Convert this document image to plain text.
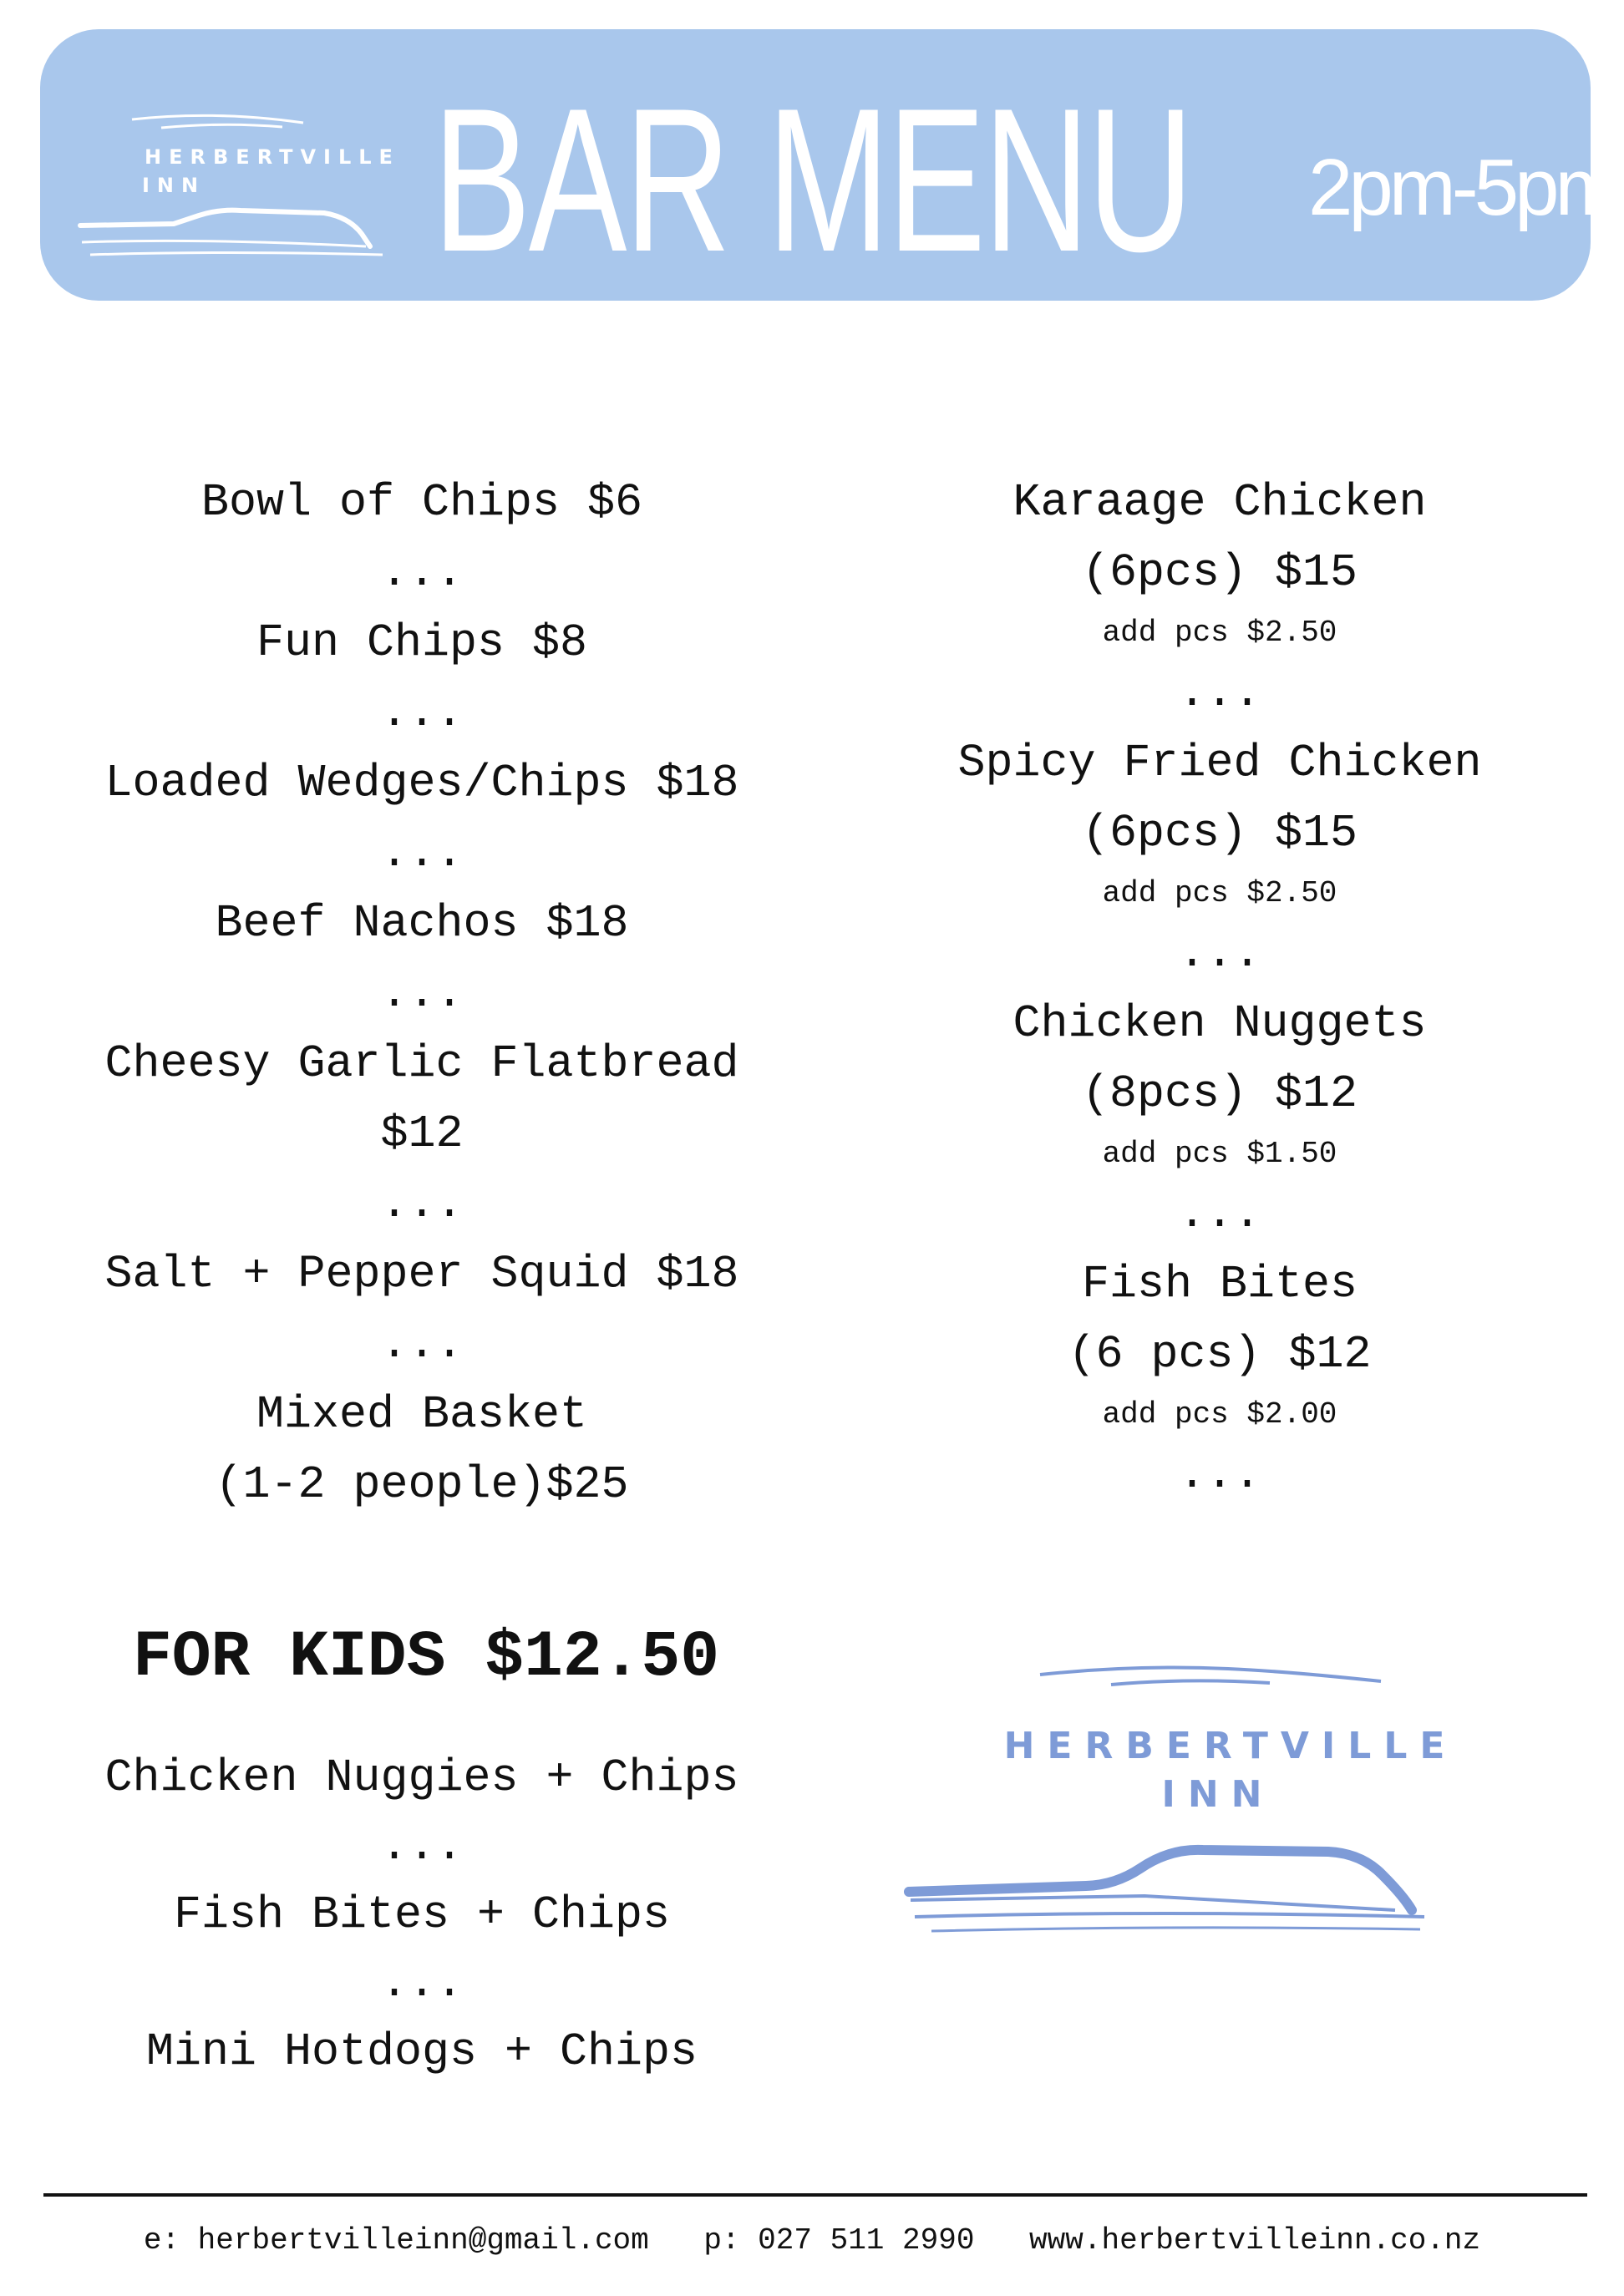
HERBERTVILLE
INN	BAR MENU 2pm-5pm
Bowl of Chips $6
...
Fun Chips $8
...
Loaded Wedges/Chips $18
...
Beef Nachos $18
...
Cheesy Garlic Flatbread
$12
...
Salt + Pepper Squid $18
...
Mixed Basket
(1-2 people)$25
Karaage Chicken
(6pcs) $15
add pcs $2.50
...
Spicy Fried Chicken
(6pcs) $15
add pcs $2.50
...
Chicken Nuggets
(8pcs) $12
add pcs $1.50
...
Fish Bites
(6 pcs) $12
add pcs $2.00
...
FOR KIDS $12.50
Chicken Nuggies + Chips
...
Fish Bites + Chips
...
Mini Hotdogs + Chips
HERBERTVILLE
INN
e: herbertvilleinn@gmail.com p: 027 511 2990 www.herbertvilleinn.co.nz
